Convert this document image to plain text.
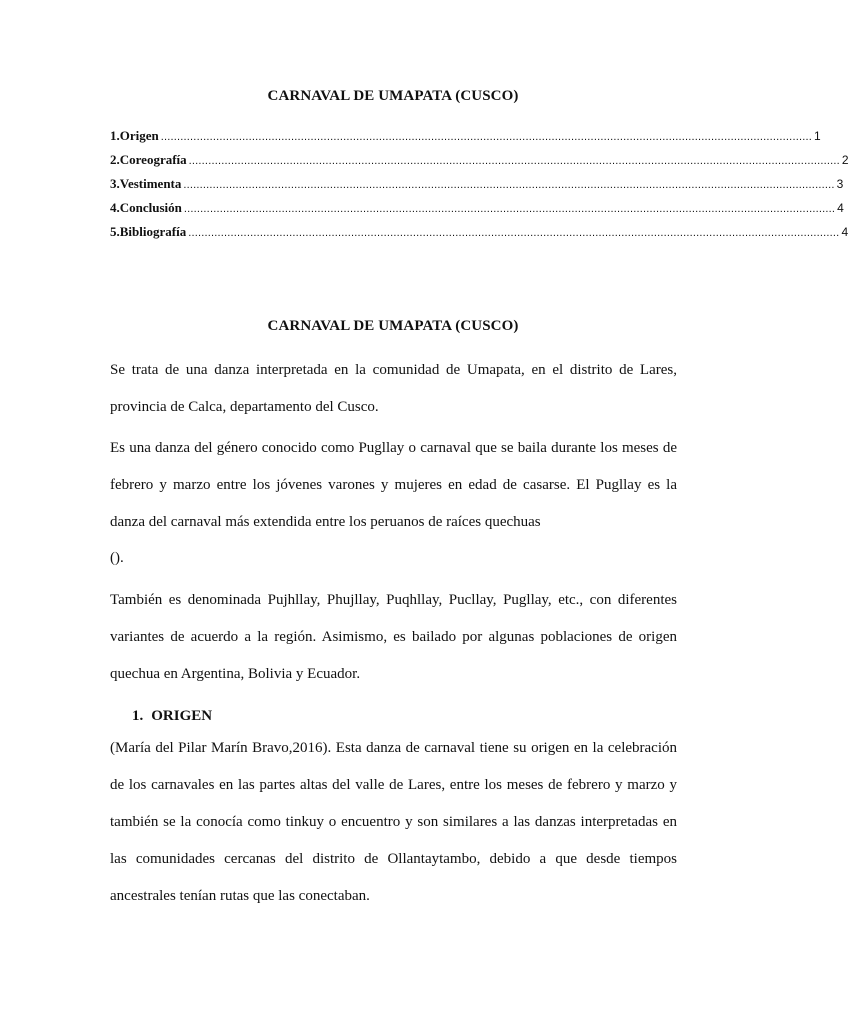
CARNAVAL DE UMAPATA (CUSCO)
1. Origen ........................................................................................................................................................................................................ 1
2. Coreografía ........................................................................................................................................................................................................ 2
3. Vestimenta ........................................................................................................................................................................................................ 3
4. Conclusión ........................................................................................................................................................................................................ 4
5. Bibliografía ........................................................................................................................................................................................................ 4
CARNAVAL DE UMAPATA (CUSCO)
Se trata de una danza interpretada en la comunidad de Umapata, en el distrito de Lares, provincia de Calca, departamento del Cusco.
Es una danza del género conocido como Pugllay o carnaval que se baila durante los meses de febrero y marzo entre los jóvenes varones y mujeres en edad de casarse. El Pugllay es la danza del carnaval más extendida entre los peruanos de raíces quechuas
().
También es denominada Pujhllay, Phujllay, Puqhllay, Pucllay, Pugllay, etc., con diferentes variantes de acuerdo a la región. Asimismo, es bailado por algunas poblaciones de origen quechua en Argentina, Bolivia y Ecuador.
1. ORIGEN
(María del Pilar Marín Bravo,2016). Esta danza de carnaval tiene su origen en la celebración de los carnavales en las partes altas del valle de Lares, entre los meses de febrero y marzo y también se la conocía como tinkuy o encuentro y son similares a las danzas interpretadas en las comunidades cercanas del distrito de Ollantaytambo, debido a que desde tiempos ancestrales tenían rutas que las conectaban.
